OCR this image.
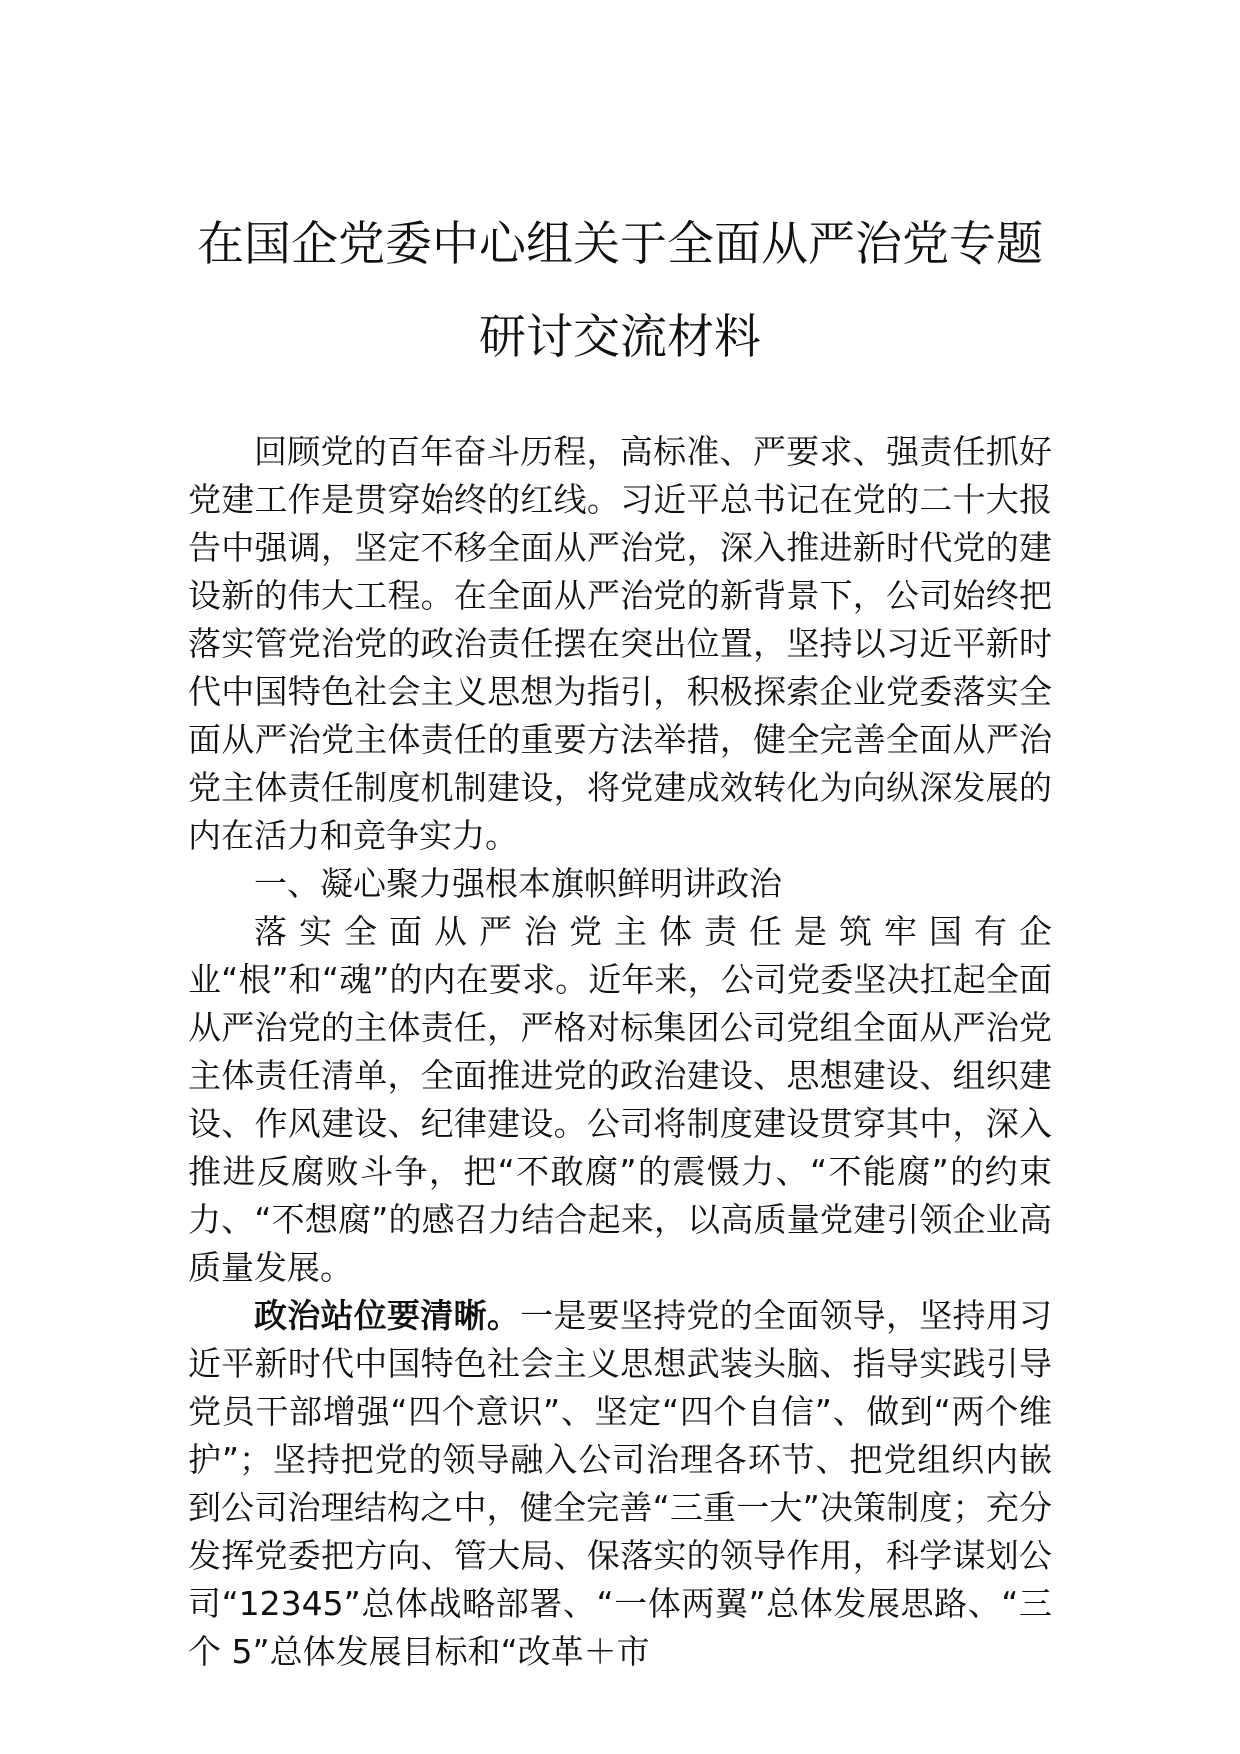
在国企党委中心组关于全面从严治党专题
研讨交流材料

回顾党的百年奋斗历程，高标准、严要求、强责任抓好党建工作是贯穿始终的红线。习近平总书记在党的二十大报告中强调，坚定不移全面从严治党，深入推进新时代党的建设新的伟大工程。在全面从严治党的新背景下，公司始终把落实管党治党的政治责任摆在突出位置，坚持以习近平新时代中国特色社会主义思想为指引，积极探索企业党委落实全面从严治党主体责任的重要方法举措，健全完善全面从严治党主体责任制度机制建设，将党建成效转化为向纵深发展的内在活力和竞争实力。

一、凝心聚力强根本旗帜鲜明讲政治

落实全面从严治党主体责任是筑牢国有企业“根”和“魂”的内在要求。近年来，公司党委坚决扛起全面从严治党的主体责任，严格对标集团公司党组全面从严治党主体责任清单，全面推进党的政治建设、思想建设、组织建设、作风建设、纪律建设。公司将制度建设贯穿其中，深入推进反腐败斗争，把“不敢腐”的震慑力、“不能腐”的约束力、“不想腐”的感召力结合起来，以高质量党建引领企业高质量发展。

政治站位要清晰。一是要坚持党的全面领导，坚持用习近平新时代中国特色社会主义思想武装头脑、指导实践引导党员干部增强“四个意识”、坚定“四个自信”、做到“两个维护”；坚持把党的领导融入公司治理各环节、把党组织内嵌到公司治理结构之中，健全完善“三重一大”决策制度；充分发挥党委把方向、管大局、保落实的领导作用，科学谋划公司“12345”总体战略部署、“一体两翼”总体发展思路、“三个 5”总体发展目标和“改革＋市
